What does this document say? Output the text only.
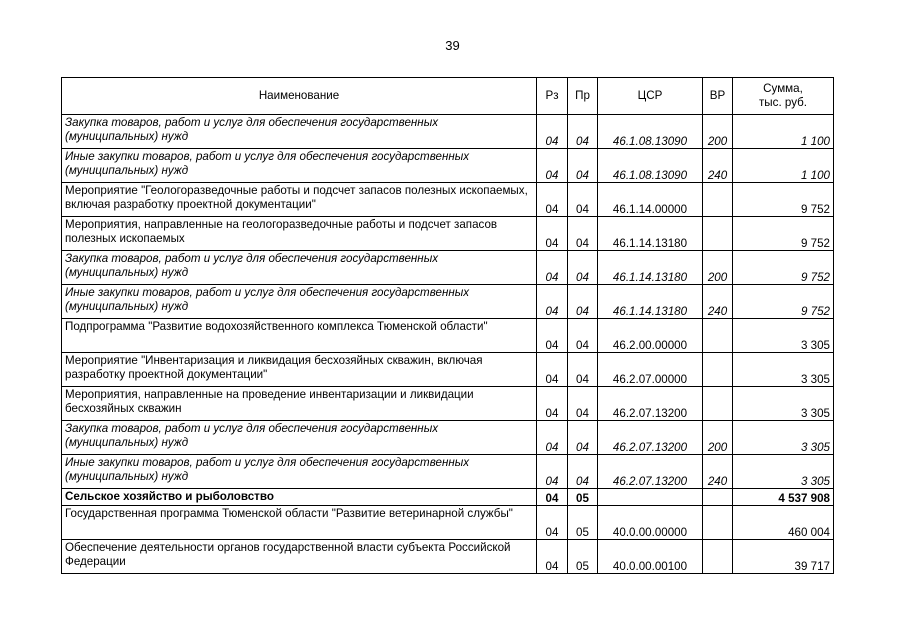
39
Наименование	Рз	Пр	ЦСР	ВР	Сумма,
тыс. руб.
Закупка товаров, работ и услуг для обеспечения государственных (муниципальных) нужд	04	04	46.1.08.13090	200	1 100
Иные закупки товаров, работ и услуг для обеспечения государственных (муниципальных) нужд	04	04	46.1.08.13090	240	1 100
Мероприятие "Геологоразведочные работы и подсчет запасов полезных ископаемых, включая разработку проектной документации"	04	04	46.1.14.00000		9 752
Мероприятия, направленные на геологоразведочные работы и подсчет запасов полезных ископаемых	04	04	46.1.14.13180		9 752
Закупка товаров, работ и услуг для обеспечения государственных (муниципальных) нужд	04	04	46.1.14.13180	200	9 752
Иные закупки товаров, работ и услуг для обеспечения государственных (муниципальных) нужд	04	04	46.1.14.13180	240	9 752
Подпрограмма "Развитие водохозяйственного комплекса Тюменской области"	04	04	46.2.00.00000		3 305
Мероприятие "Инвентаризация и ликвидация бесхозяйных скважин, включая разработку проектной документации"	04	04	46.2.07.00000		3 305
Мероприятия, направленные на проведение инвентаризации и ликвидации бесхозяйных скважин	04	04	46.2.07.13200		3 305
Закупка товаров, работ и услуг для обеспечения государственных (муниципальных) нужд	04	04	46.2.07.13200	200	3 305
Иные закупки товаров, работ и услуг для обеспечения государственных (муниципальных) нужд	04	04	46.2.07.13200	240	3 305
Сельское хозяйство и рыболовство	04	05			4 537 908
Государственная программа Тюменской области "Развитие ветеринарной службы"	04	05	40.0.00.00000		460 004
Обеспечение деятельности органов государственной власти субъекта Российской Федерации	04	05	40.0.00.00100		39 717
